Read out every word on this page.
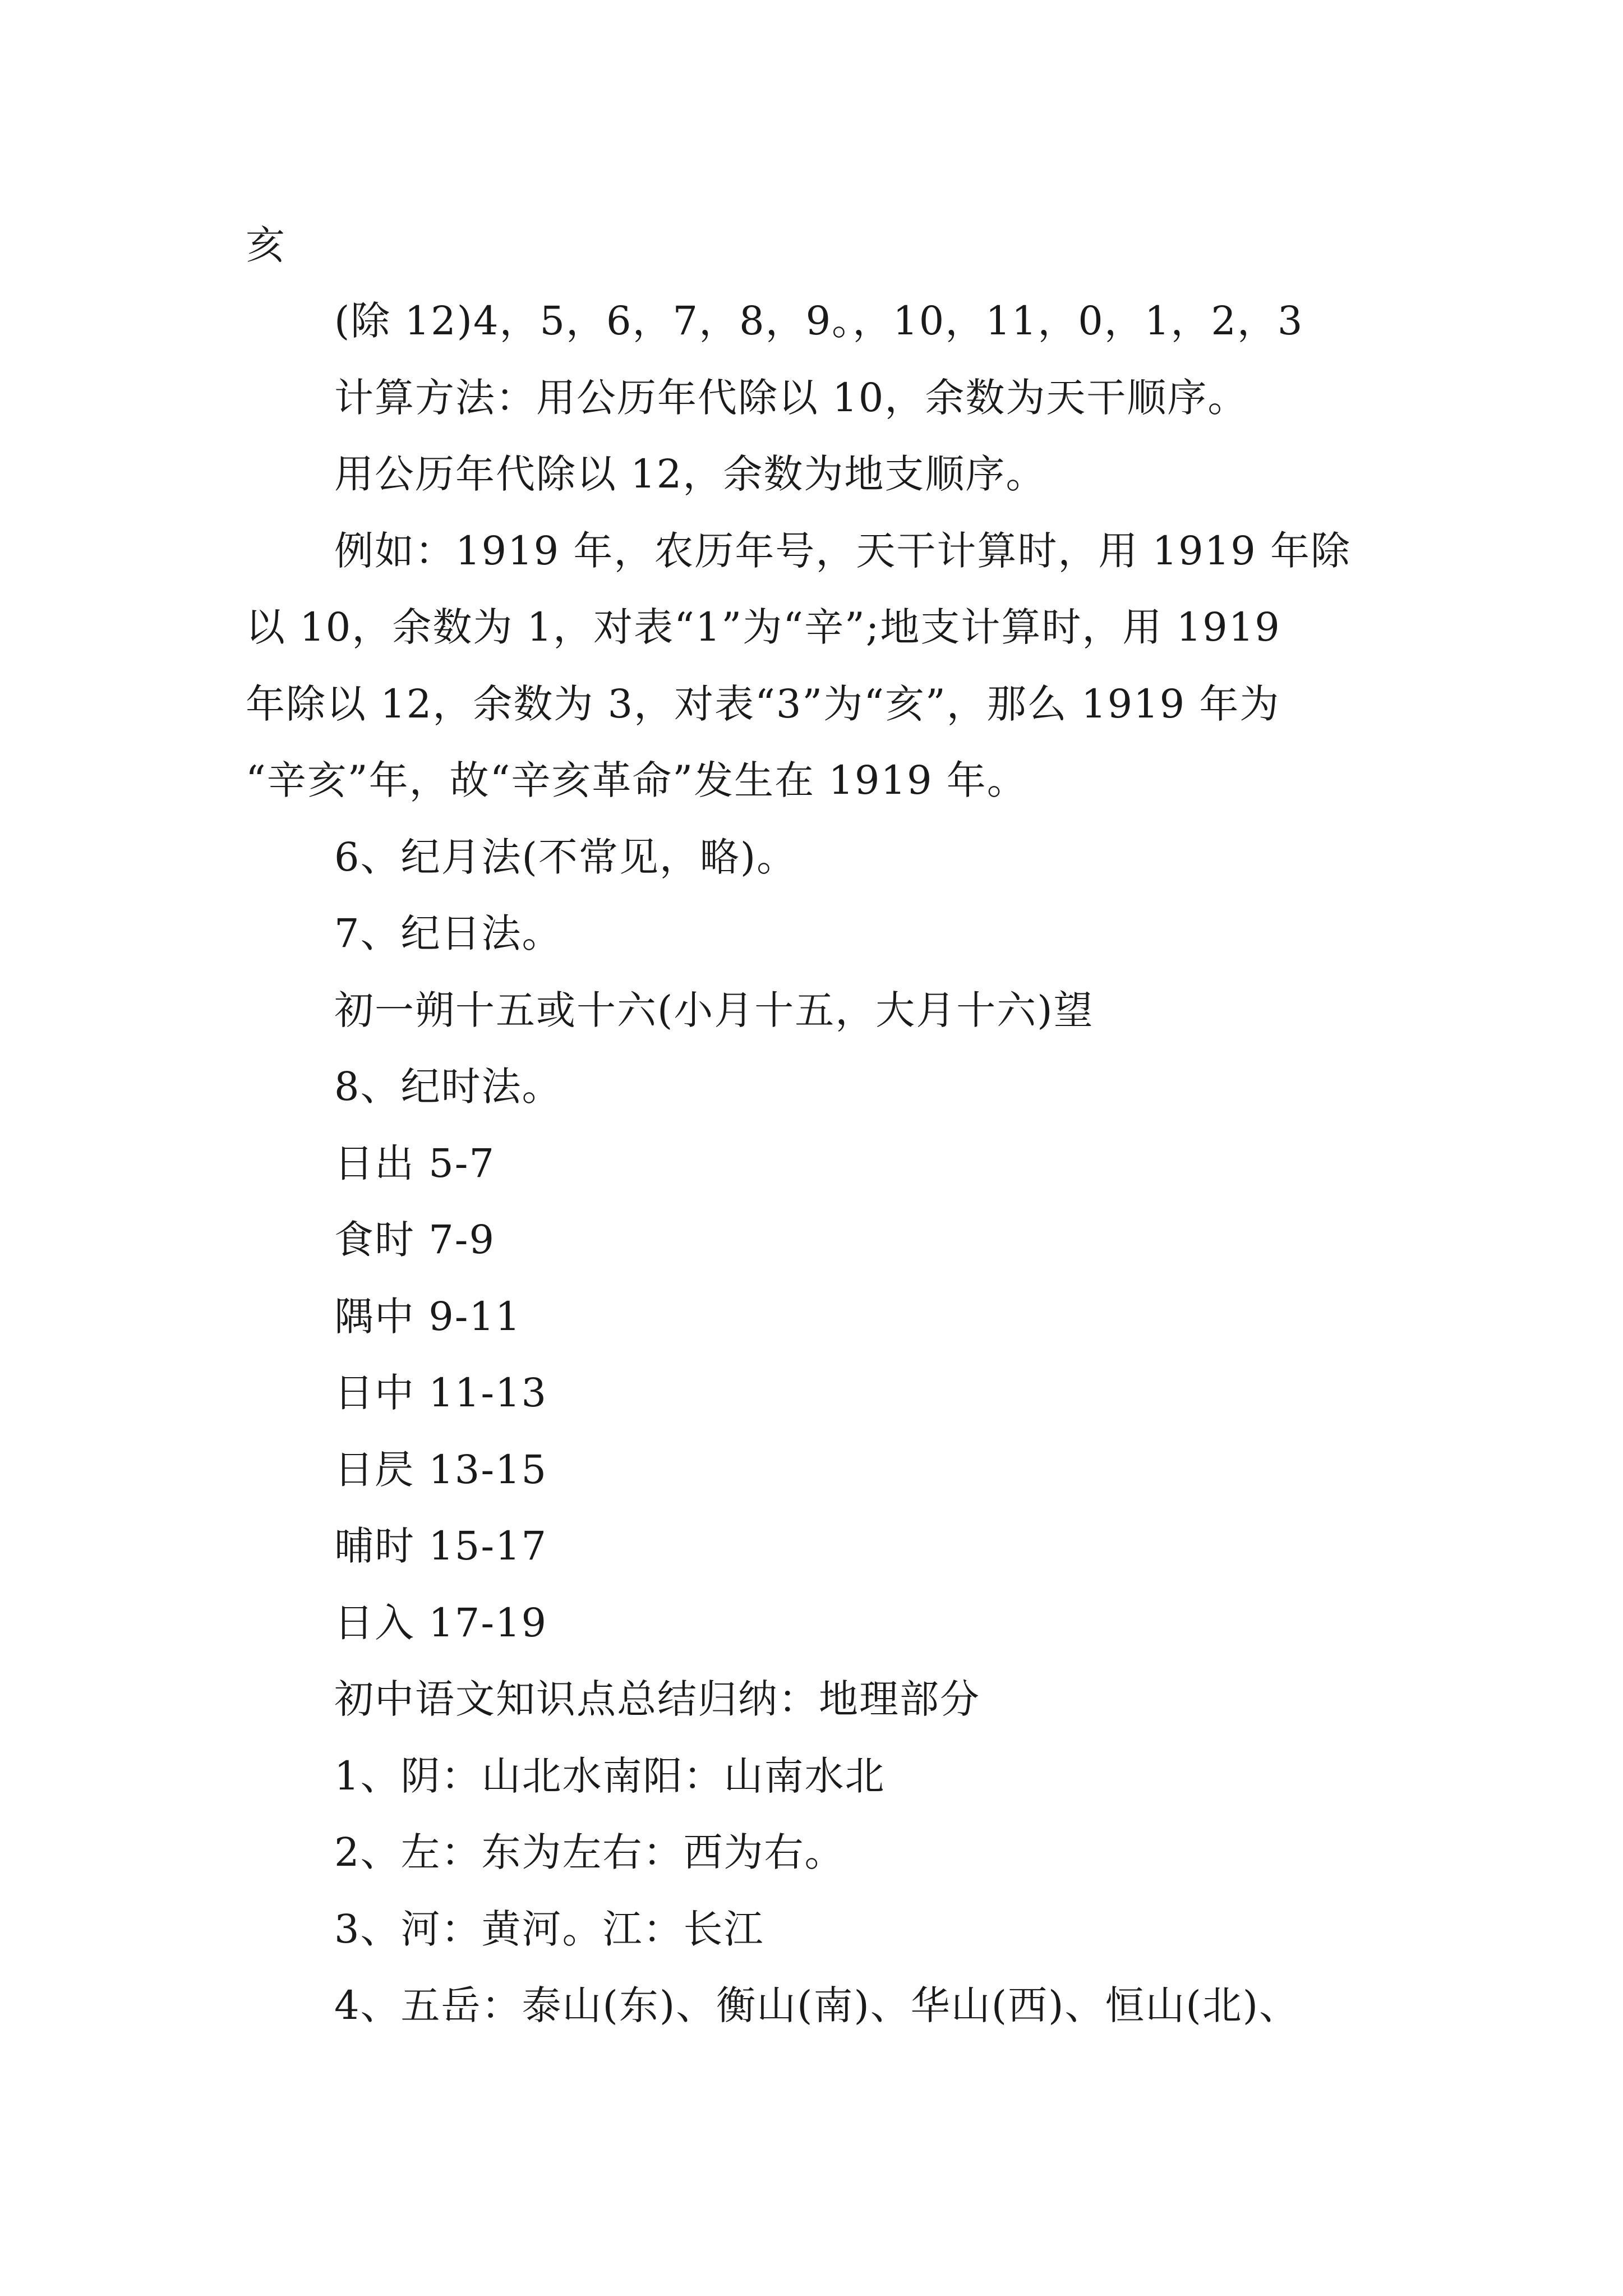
亥
(除 12)4，5，6，7，8，9。，10，11，0，1，2，3
计算方法：用公历年代除以 10，余数为天干顺序。
用公历年代除以 12，余数为地支顺序。
例如：1919 年，农历年号，天干计算时，用 1919 年除
以 10，余数为 1，对表“1”为“辛”;地支计算时，用 1919
年除以 12，余数为 3，对表“3”为“亥”，那么 1919 年为
“辛亥”年，故“辛亥革命”发生在 1919 年。
6、纪月法(不常见，略)。
7、纪日法。
初一朔十五或十六(小月十五，大月十六)望
8、纪时法。
日出 5-7
食时 7-9
隅中 9-11
日中 11-13
日昃 13-15
晡时 15-17
日入 17-19
初中语文知识点总结归纳：地理部分
1、阴：山北水南阳：山南水北
2、左：东为左右：西为右。
3、河：黄河。江：长江
4、五岳：泰山(东)、衡山(南)、华山(西)、恒山(北)、
